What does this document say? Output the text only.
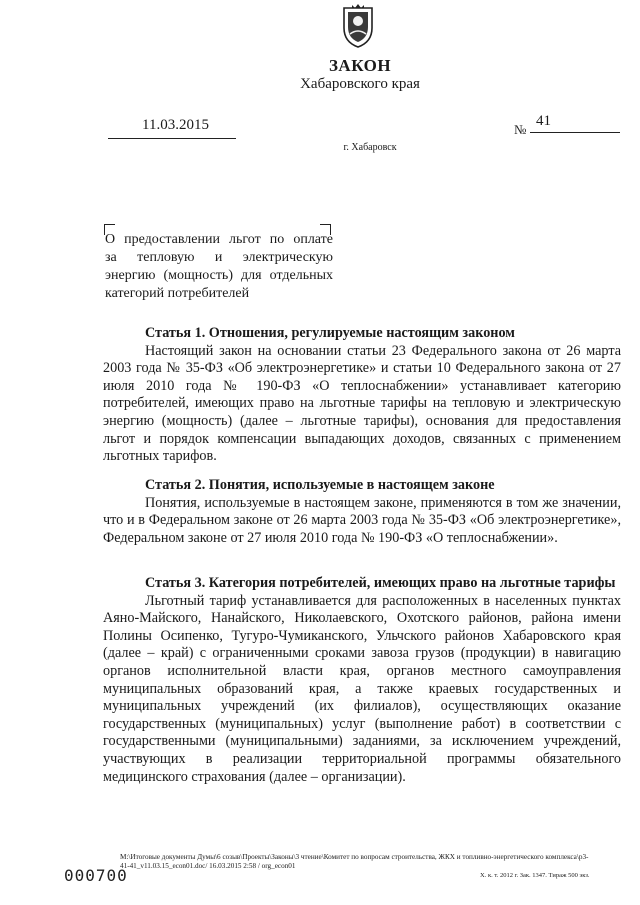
ЗАКОН
Хабаровского края
11.03.2015	№
41
г. Хабаровск
О предоставлении льгот по оплате
за тепловую и электрическую
энергию (мощность) для отдельных
категорий потребителей
Статья 1. Отношения, регулируемые настоящим законом
Настоящий закон на основании статьи 23 Федерального закона от 26 марта 2003 года № 35-ФЗ «Об электроэнергетике» и статьи 10 Федерального закона от 27 июля 2010 года № 190-ФЗ «О теплоснабжении» устанавливает категорию потребителей, имеющих право на льготные тарифы на тепловую и электрическую энергию (мощность) (далее – льготные тарифы), основания для предоставления льгот и порядок компенсации выпадающих доходов, связанных с применением льготных тарифов.
Статья 2. Понятия, используемые в настоящем законе
Понятия, используемые в настоящем законе, применяются в том же значении, что и в Федеральном законе от 26 марта 2003 года № 35-ФЗ «Об электроэнергетике», Федеральном законе от 27 июля 2010 года № 190-ФЗ «О теплоснабжении».
Статья 3. Категория потребителей, имеющих право на льготные тарифы
Льготный тариф устанавливается для расположенных в населенных пунктах Аяно-Майского, Нанайского, Николаевского, Охотского районов, района имени Полины Осипенко, Тугуро-Чумиканского, Ульчского районов Хабаровского края (далее – край) с ограниченными сроками завоза грузов (продукции) в навигацию органов исполнительной власти края, органов местного самоуправления муниципальных образований края, а также краевых государственных и муниципальных учреждений (их филиалов), осуществляющих оказание государственных (муниципальных) услуг (выполнение работ) в соответствии с государственными (муниципальными) заданиями, за исключением учреждений, участвующих в реализации территориальной программы обязательного медицинского страхования (далее – организации).
M:\Итоговые документы Думы\6 созыв\Проекты\Законы\3 чтение\Комитет по вопросам строительства, ЖКХ и топливно-энергетического комплекса\р3-
41-41_v11.03.15_econ01.doc/ 16.03.2015 2:58 / org_econ01
000700	Х. к. т. 2012 г. Зак. 1347. Тираж 500 экз.
